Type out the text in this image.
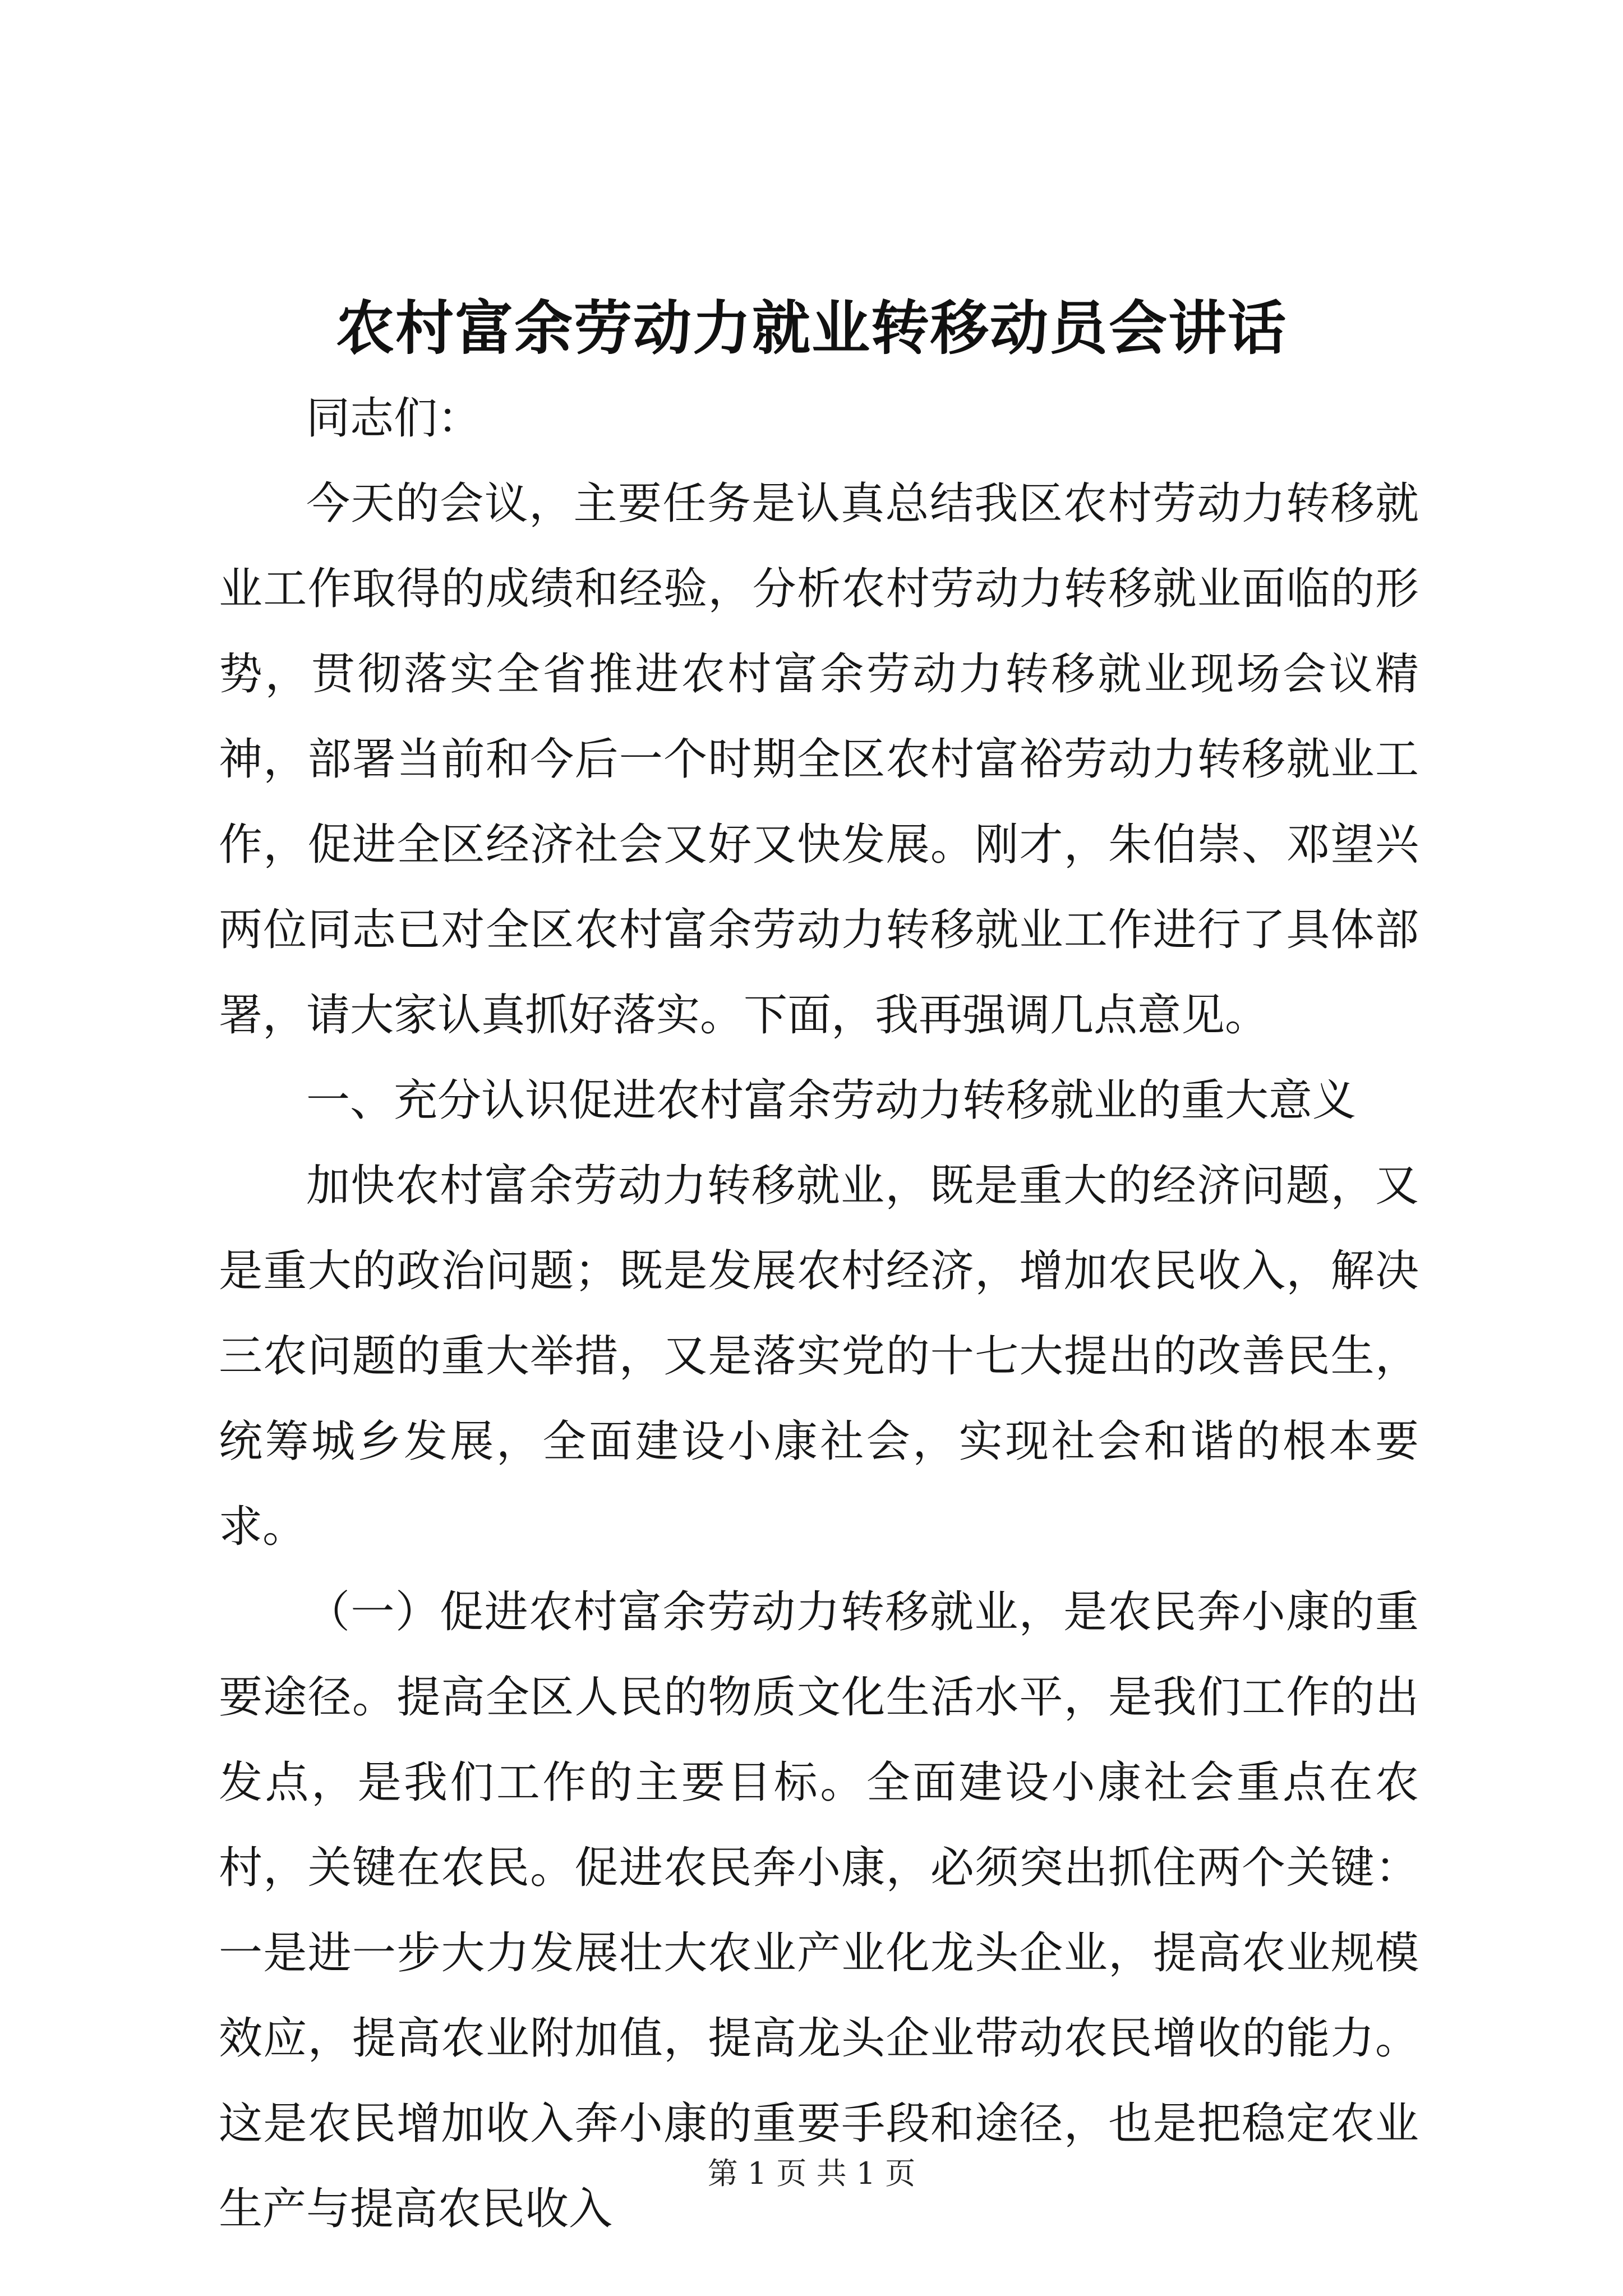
农村富余劳动力就业转移动员会讲话

同志们：

今天的会议，主要任务是认真总结我区农村劳动力转移就业工作取得的成绩和经验，分析农村劳动力转移就业面临的形势，贯彻落实全省推进农村富余劳动力转移就业现场会议精神，部署当前和今后一个时期全区农村富裕劳动力转移就业工作，促进全区经济社会又好又快发展。刚才，朱伯崇、邓望兴两位同志已对全区农村富余劳动力转移就业工作进行了具体部署，请大家认真抓好落实。下面，我再强调几点意见。

一、充分认识促进农村富余劳动力转移就业的重大意义

加快农村富余劳动力转移就业，既是重大的经济问题，又是重大的政治问题；既是发展农村经济，增加农民收入，解决三农问题的重大举措，又是落实党的十七大提出的改善民生，统筹城乡发展，全面建设小康社会，实现社会和谐的根本要求。

（一）促进农村富余劳动力转移就业，是农民奔小康的重要途径。提高全区人民的物质文化生活水平，是我们工作的出发点，是我们工作的主要目标。全面建设小康社会重点在农村，关键在农民。促进农民奔小康，必须突出抓住两个关键：一是进一步大力发展壮大农业产业化龙头企业，提高农业规模效应，提高农业附加值，提高龙头企业带动农民增收的能力。这是农民增加收入奔小康的重要手段和途径，也是把稳定农业生产与提高农民收入

第 1 页 共 1 页
